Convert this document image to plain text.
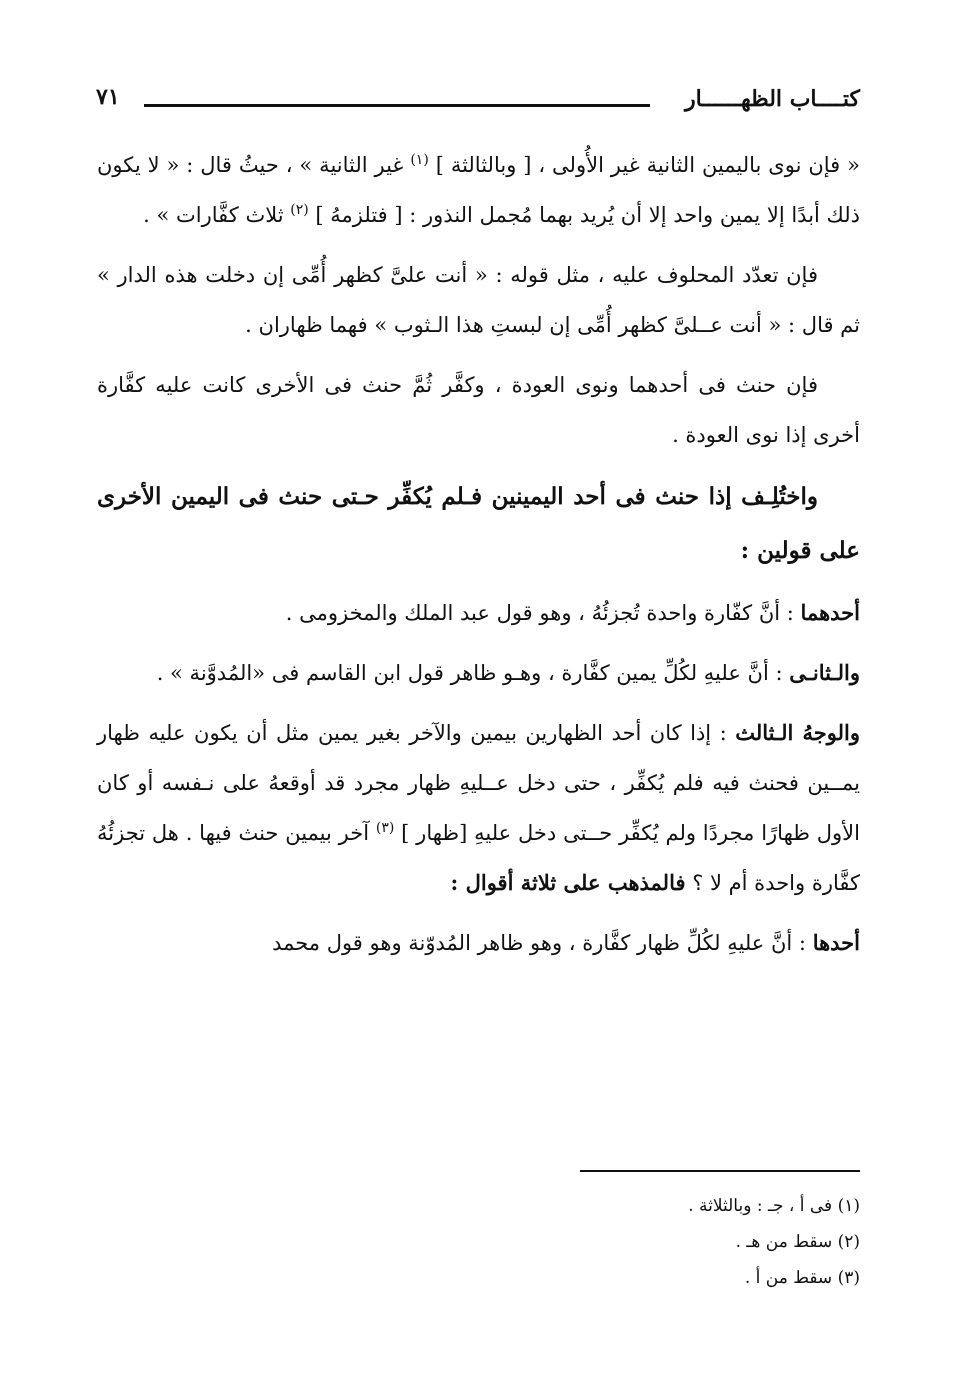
كتــــاب الظهــــــار
٧١

« فإن نوى باليمين الثانية غير الأُولى ، [ وبالثالثة ] $^{(١)}$ غير الثانية » ، حيثُ قال : « لا يكون ذلك أبدًا إلا يمين واحد إلا أن يُريد بهما مُجمل النذور : [ فتلزمهُ ] $^{(٢)}$ ثلاث كفَّارات » .

فإن تعدّد المحلوف عليه ، مثل قوله : « أنت علىَّ كظهر أُمِّى إن دخلت هذه الدار » ثم قال : « أنت عــلىَّ كظهر أُمِّى إن لبستِ هذا الـثوب » فهما ظهاران .

فإن حنث فى أحدهما ونوى العودة ، وكفَّر ثُمَّ حنث فى الأخرى كانت عليه كفَّارة أخرى إذا نوى العودة .

واختُلِـف إذا حنث فى أحد اليمينين فـلم يُكفِّر حـتى حنث فى اليمين الأخرى على قولين :

أحدهما : أنَّ كفّارة واحدة تُجزئُهُ ، وهو قول عبد الملك والمخزومى .

والـثانـى : أنَّ عليهِ لكُلِّ يمين كفَّارة ، وهـو ظاهر قول ابن القاسم فى «المُدوَّنة » .

والوجهُ الـثالث : إذا كان أحد الظهارين بيمين والآخر بغير يمين مثل أن يكون عليه ظهار يمــين فحنث فيه فلم يُكفِّر ، حتى دخل عــليهِ ظهار مجرد قد أوقعهُ على نـفسه أو كان الأول ظهارًا مجردًا ولم يُكفِّر حــتى دخل عليهِ [ظهار ] $^{(٣)}$ آخر بيمين حنث فيها . هل تجزئُهُ كفَّارة واحدة أم لا ؟ فالمذهب على ثلاثة أقوال :

أحدها : أنَّ عليهِ لكُلِّ ظهار كفَّارة ، وهو ظاهر المُدوّنة وهو قول محمد

(١) فى أ ، جـ : وبالثلاثة .

(٢) سقط من هـ .

(٣) سقط من أ .
